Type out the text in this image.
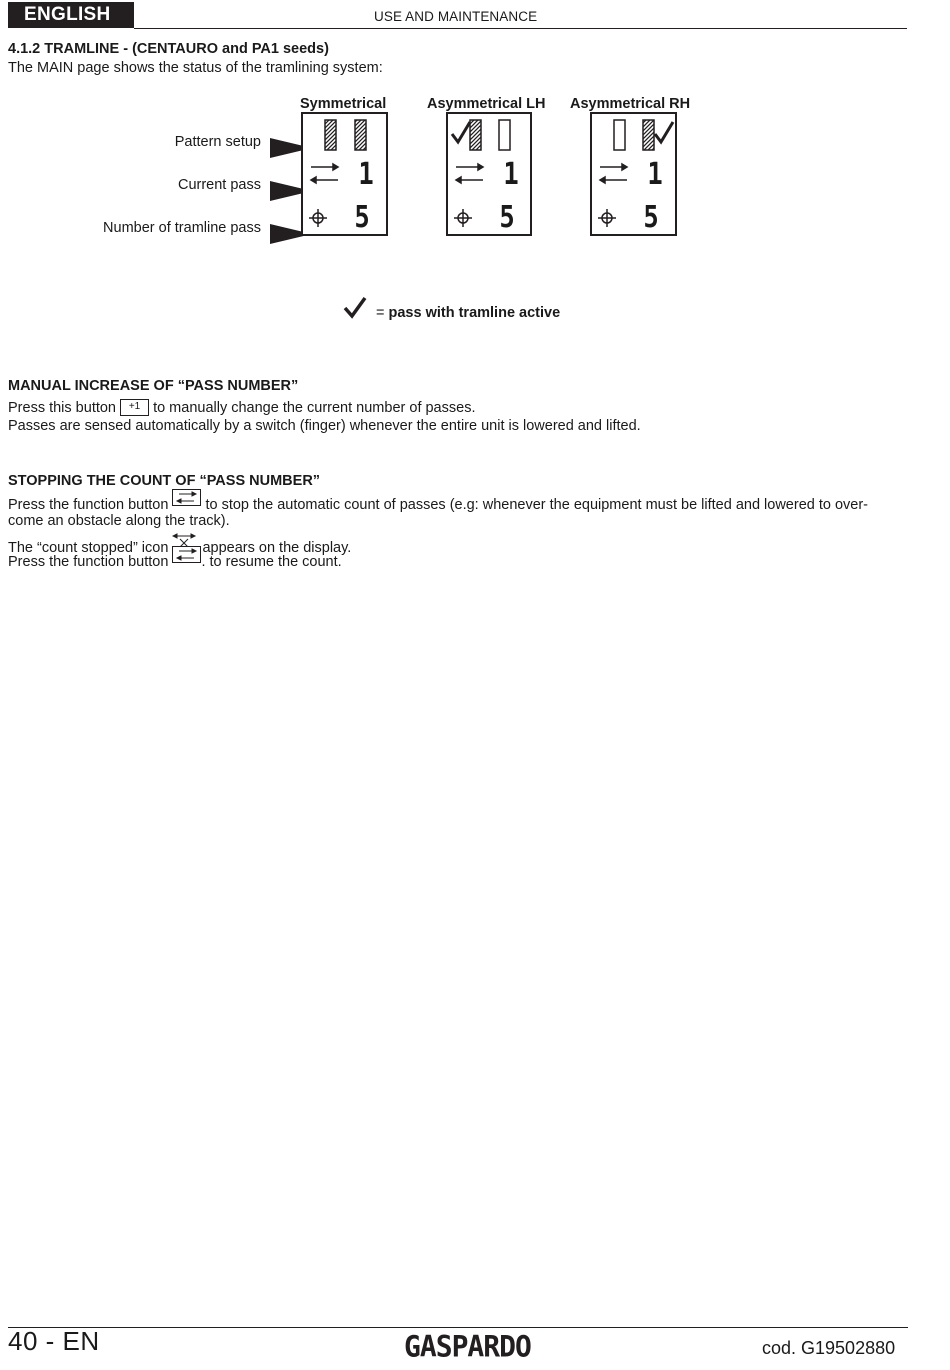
ENGLISH	USE AND MAINTENANCE
4.1.2 TRAMLINE - (CENTAURO and PA1 seeds)
The MAIN page shows the status of the tramlining system:
Symmetrical	Asymmetrical LH Asymmetrical RH
Pattern setup
Current pass
Number of tramline pass
1
5
1
5
1
5
= pass with tramline active
MANUAL INCREASE OF “PASS NUMBER”
Press this button +1 to manually change the current number of passes.
Passes are sensed automatically by a switch (finger) whenever the entire unit is lowered and lifted.
STOPPING THE COUNT OF “PASS NUMBER”
Press the function button	to stop the automatic count of passes (e.g: whenever the equipment must be lifted and lowered to over-
come an obstacle along the track).
The “count stopped” icon appears on the display.
Press the function button . to resume the count.
40 - EN	GASPARDO	cod. G19502880
